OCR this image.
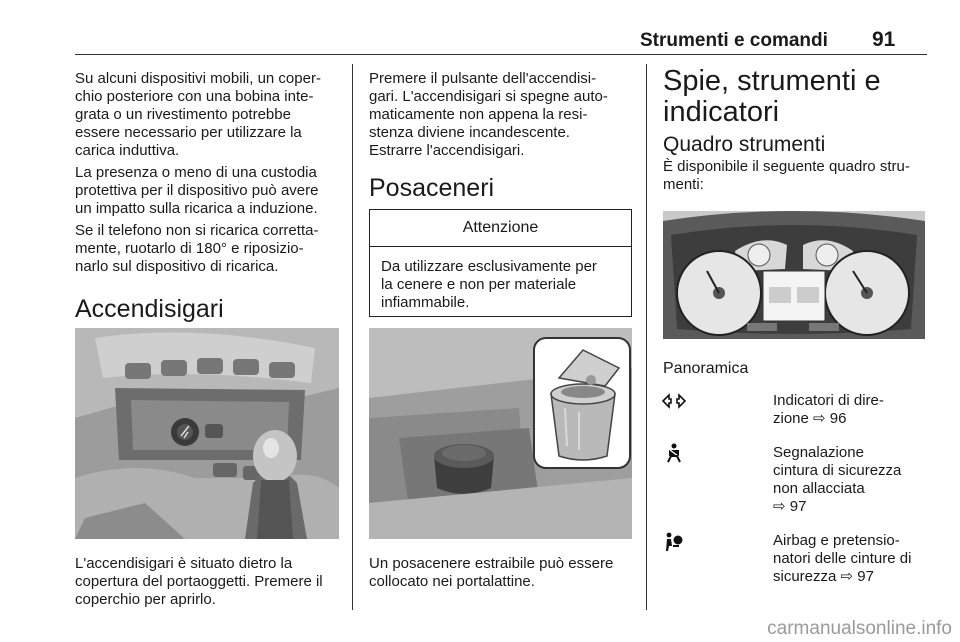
Strumenti e comandi 91
Su alcuni dispositivi mobili, un coper-
chio posteriore con una bobina inte-
grata o un rivestimento potrebbe
essere necessario per utilizzare la
carica induttiva.
La presenza o meno di una custodia
protettiva per il dispositivo può avere
un impatto sulla ricarica a induzione.
Se il telefono non si ricarica corretta-
mente, ruotarlo di 180° e riposizio-
narlo sul dispositivo di ricarica.
Accendisigari
L'accendisigari è situato dietro la
copertura del portaoggetti. Premere il
coperchio per aprirlo.
Premere il pulsante dell'accendisi-
gari. L'accendisigari si spegne auto-
maticamente non appena la resi-
stenza diviene incandescente.
Estrarre l'accendisigari.
Posaceneri
Attenzione
Da utilizzare esclusivamente per
la cenere e non per materiale
infiammabile.
Un posacenere estraibile può essere
collocato nei portalattine.
Spie, strumenti e
indicatori
Quadro strumenti
È disponibile il seguente quadro stru-
menti:
Panoramica
Indicatori di dire-
zione ⇨ 96
Segnalazione
cintura di sicurezza
non allacciata
⇨ 97
Airbag e pretensio-
natori delle cinture di
sicurezza ⇨ 97
carmanualsonline.info
